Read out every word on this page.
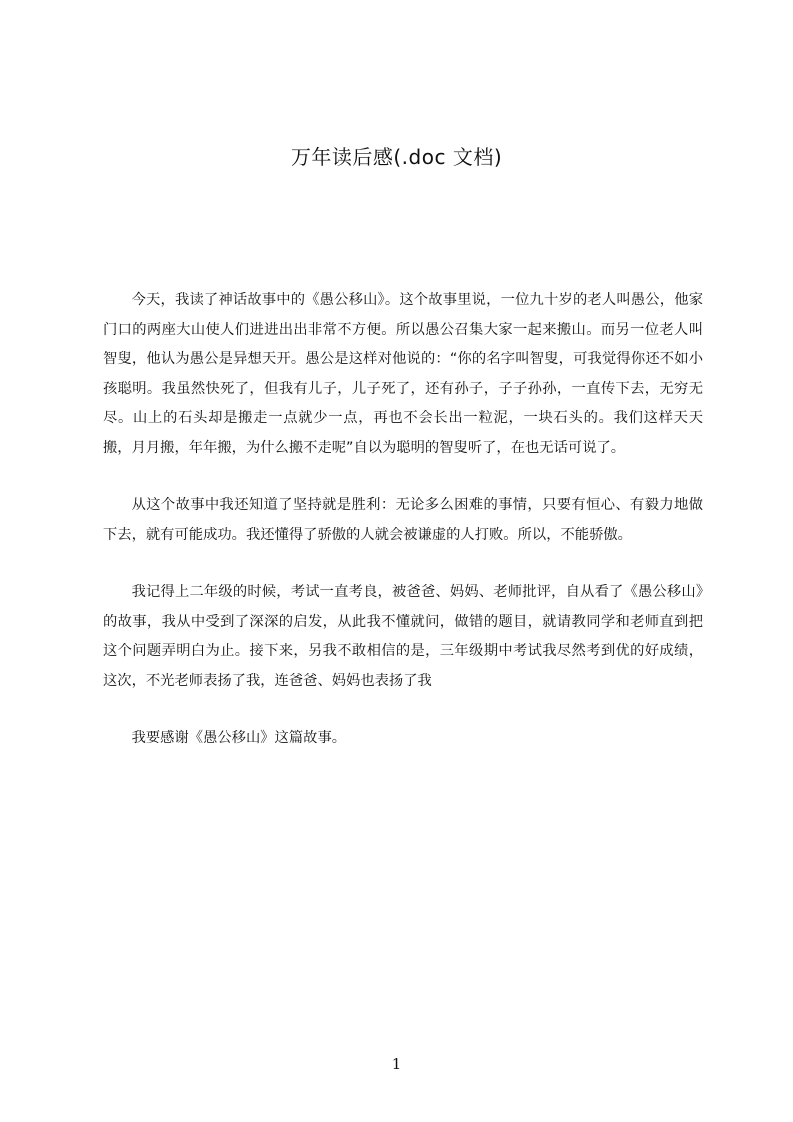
万年读后感(.doc 文档)

今天，我读了神话故事中的《愚公移山》。这个故事里说，一位九十岁的老人叫愚公，他家门口的两座大山使人们进进出出非常不方便。所以愚公召集大家一起来搬山。而另一位老人叫智叟，他认为愚公是异想天开。愚公是这样对他说的：“你的名字叫智叟，可我觉得你还不如小孩聪明。我虽然快死了，但我有儿子，儿子死了，还有孙子，子子孙孙，一直传下去，无穷无尽。山上的石头却是搬走一点就少一点，再也不会长出一粒泥，一块石头的。我们这样天天搬，月月搬，年年搬，为什么搬不走呢”自以为聪明的智叟听了，在也无话可说了。

从这个故事中我还知道了坚持就是胜利：无论多么困难的事情，只要有恒心、有毅力地做下去，就有可能成功。我还懂得了骄傲的人就会被谦虚的人打败。所以，不能骄傲。

我记得上二年级的时候，考试一直考良，被爸爸、妈妈、老师批评，自从看了《愚公移山》的故事，我从中受到了深深的启发，从此我不懂就问，做错的题目，就请教同学和老师直到把这个问题弄明白为止。接下来，另我不敢相信的是，三年级期中考试我尽然考到优的好成绩，这次，不光老师表扬了我，连爸爸、妈妈也表扬了我

我要感谢《愚公移山》这篇故事。

1
